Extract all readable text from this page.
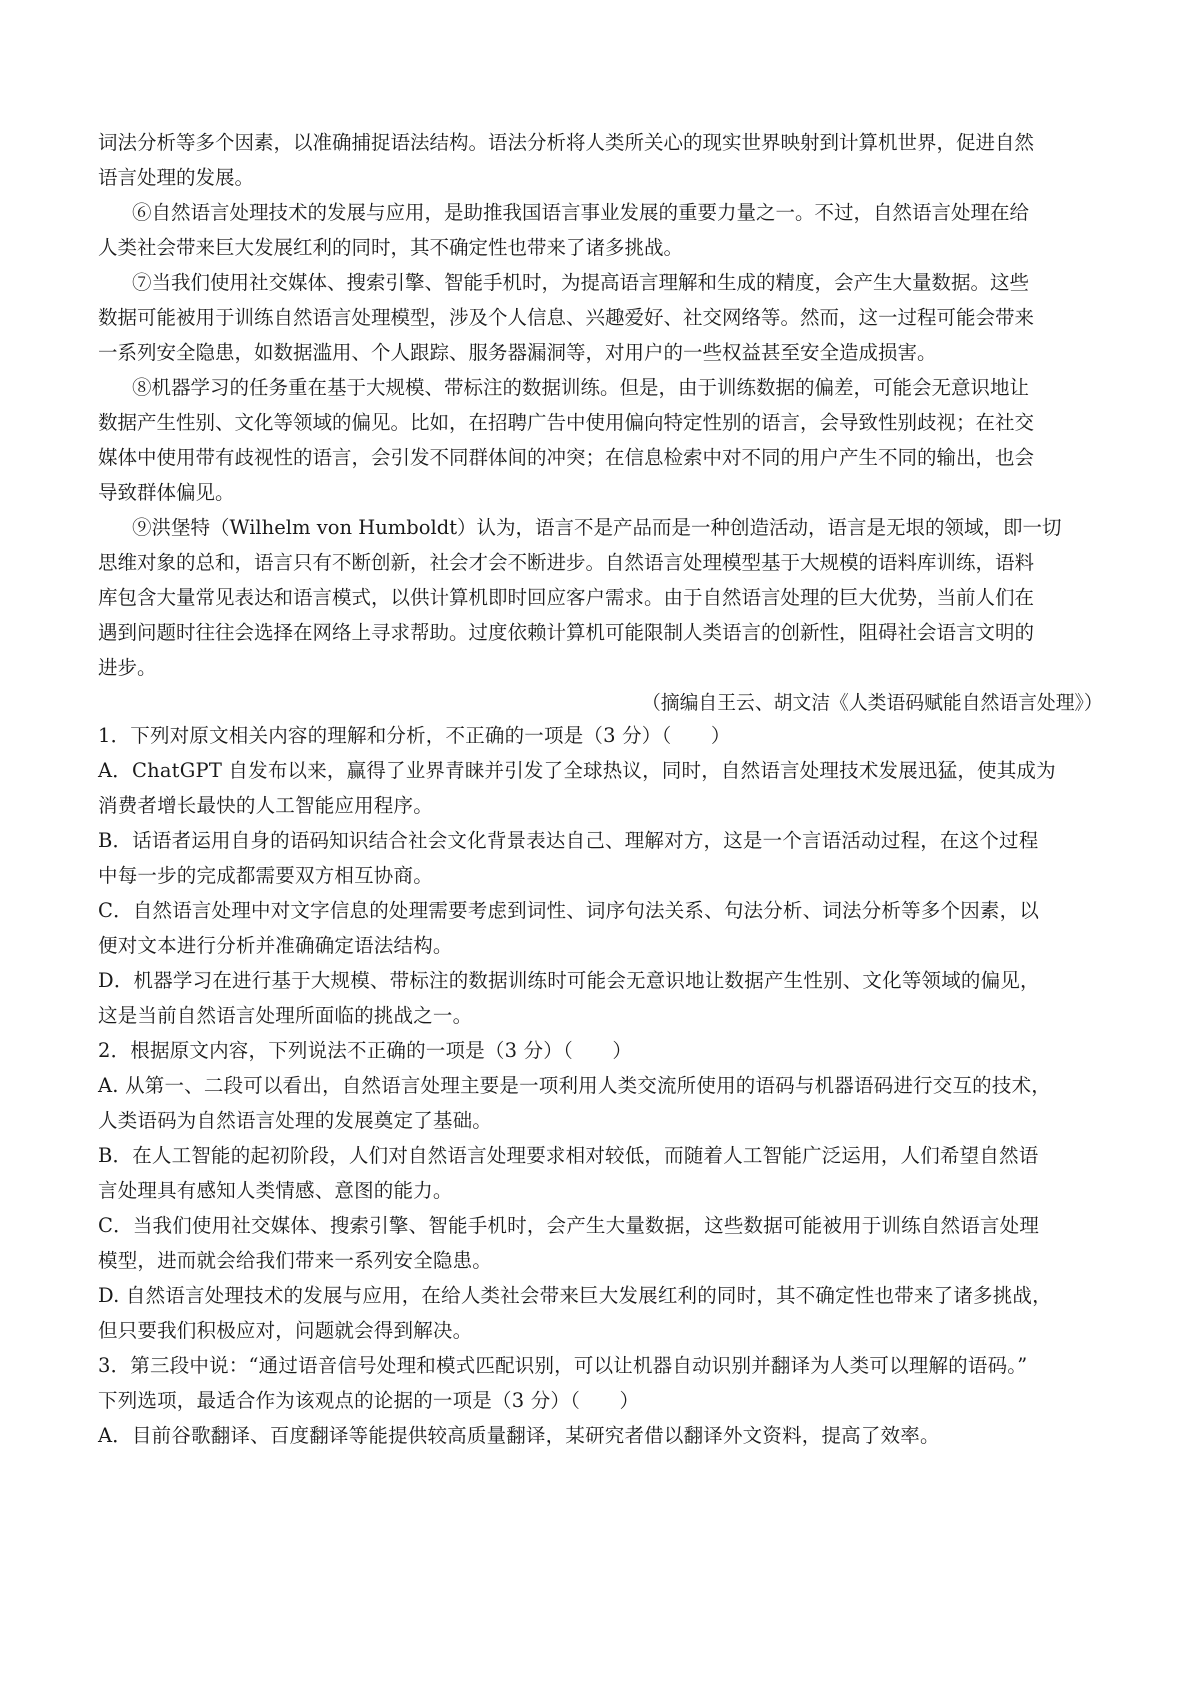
词法分析等多个因素，以准确捕捉语法结构。语法分析将人类所关心的现实世界映射到计算机世界，促进自然
语言处理的发展。
⑥自然语言处理技术的发展与应用，是助推我国语言事业发展的重要力量之一。不过，自然语言处理在给
人类社会带来巨大发展红利的同时，其不确定性也带来了诸多挑战。
⑦当我们使用社交媒体、搜索引擎、智能手机时，为提高语言理解和生成的精度，会产生大量数据。这些
数据可能被用于训练自然语言处理模型，涉及个人信息、兴趣爱好、社交网络等。然而，这一过程可能会带来
一系列安全隐患，如数据滥用、个人跟踪、服务器漏洞等，对用户的一些权益甚至安全造成损害。
⑧机器学习的任务重在基于大规模、带标注的数据训练。但是，由于训练数据的偏差，可能会无意识地让
数据产生性别、文化等领域的偏见。比如，在招聘广告中使用偏向特定性别的语言，会导致性别歧视；在社交
媒体中使用带有歧视性的语言，会引发不同群体间的冲突；在信息检索中对不同的用户产生不同的输出，也会
导致群体偏见。
⑨洪堡特（Wilhelm von Humboldt）认为，语言不是产品而是一种创造活动，语言是无垠的领域，即一切
思维对象的总和，语言只有不断创新，社会才会不断进步。自然语言处理模型基于大规模的语料库训练，语料
库包含大量常见表达和语言模式，以供计算机即时回应客户需求。由于自然语言处理的巨大优势，当前人们在
遇到问题时往往会选择在网络上寻求帮助。过度依赖计算机可能限制人类语言的创新性，阻碍社会语言文明的
进步。
（摘编自王云、胡文洁《人类语码赋能自然语言处理》）
1．下列对原文相关内容的理解和分析，不正确的一项是（3 分）（　　）
A．ChatGPT 自发布以来，赢得了业界青睐并引发了全球热议，同时，自然语言处理技术发展迅猛，使其成为
消费者增长最快的人工智能应用程序。
B．话语者运用自身的语码知识结合社会文化背景表达自己、理解对方，这是一个言语活动过程，在这个过程
中每一步的完成都需要双方相互协商。
C．自然语言处理中对文字信息的处理需要考虑到词性、词序句法关系、句法分析、词法分析等多个因素，以
便对文本进行分析并准确确定语法结构。
D．机器学习在进行基于大规模、带标注的数据训练时可能会无意识地让数据产生性别、文化等领域的偏见，
这是当前自然语言处理所面临的挑战之一。
2．根据原文内容，下列说法不正确的一项是（3 分）（　　）
A. 从第一、二段可以看出，自然语言处理主要是一项利用人类交流所使用的语码与机器语码进行交互的技术，
人类语码为自然语言处理的发展奠定了基础。
B．在人工智能的起初阶段，人们对自然语言处理要求相对较低，而随着人工智能广泛运用，人们希望自然语
言处理具有感知人类情感、意图的能力。
C．当我们使用社交媒体、搜索引擎、智能手机时，会产生大量数据，这些数据可能被用于训练自然语言处理
模型，进而就会给我们带来一系列安全隐患。
D. 自然语言处理技术的发展与应用，在给人类社会带来巨大发展红利的同时，其不确定性也带来了诸多挑战，
但只要我们积极应对，问题就会得到解决。
3．第三段中说：“通过语音信号处理和模式匹配识别，可以让机器自动识别并翻译为人类可以理解的语码。”
下列选项，最适合作为该观点的论据的一项是（3 分）（　　）
A．目前谷歌翻译、百度翻译等能提供较高质量翻译，某研究者借以翻译外文资料，提高了效率。
